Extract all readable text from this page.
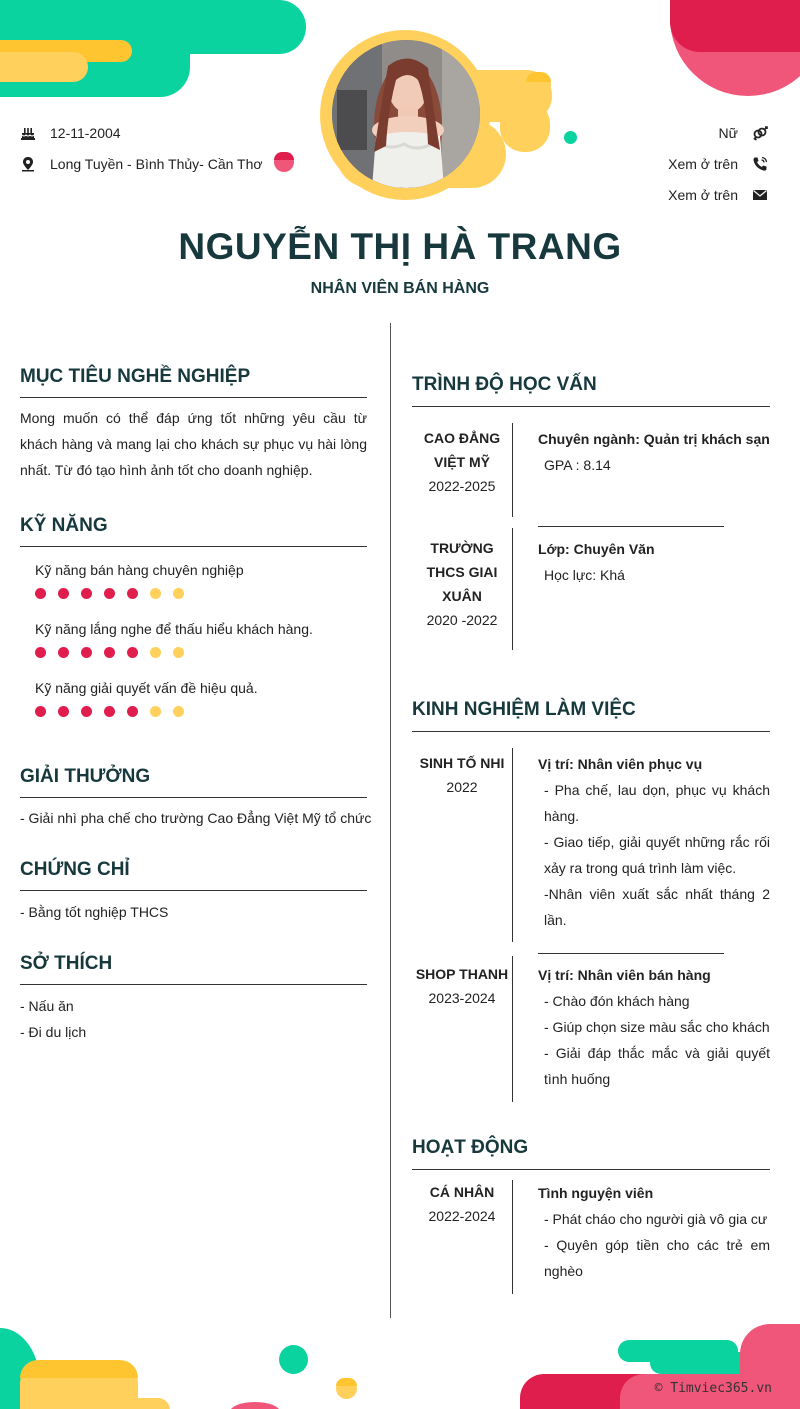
12-11-2004
Long Tuyền - Bình Thủy- Cần Thơ
Nữ
Xem ở trên
Xem ở trên
NGUYỄN THỊ HÀ TRANG
NHÂN VIÊN BÁN HÀNG
MỤC TIÊU NGHỀ NGHIỆP
Mong muốn có thể đáp ứng tốt những yêu cầu từ khách hàng và mang lại cho khách sự phục vụ hài lòng nhất. Từ đó tạo hình ảnh tốt cho doanh nghiệp.
KỸ NĂNG
Kỹ năng bán hàng chuyên nghiệp
Kỹ năng lắng nghe để thấu hiểu khách hàng.
Kỹ năng giải quyết vấn đề hiệu quả.
GIẢI THƯỞNG
- Giải nhì pha chế cho trường Cao Đẳng Việt Mỹ tổ chức
CHỨNG CHỈ
- Bằng tốt nghiệp THCS
SỞ THÍCH
- Nấu ăn
- Đi du lịch
TRÌNH ĐỘ HỌC VẤN
CAO ĐẲNG
VIỆT MỸ
2022-2025
Chuyên ngành: Quản trị khách sạn
GPA : 8.14
TRƯỜNG
THCS GIAI
XUÂN
2020 -2022
Lớp: Chuyên Văn
Học lực: Khá
KINH NGHIỆM LÀM VIỆC
SINH TỐ NHI
2022
Vị trí: Nhân viên phục vụ
- Pha chế, lau dọn, phục vụ khách hàng.
- Giao tiếp, giải quyết những rắc rối xảy ra trong quá trình làm việc.
-Nhân viên xuất sắc nhất tháng 2 lần.
SHOP THANH
2023-2024
Vị trí: Nhân viên bán hàng
- Chào đón khách hàng
- Giúp chọn size màu sắc cho khách
- Giải đáp thắc mắc và giải quyết tình huống
HOẠT ĐỘNG
CÁ NHÂN
2022-2024
Tình nguyện viên
- Phát cháo cho người già vô gia cư
- Quyên góp tiền cho các trẻ em nghèo
© Timviec365.vn
